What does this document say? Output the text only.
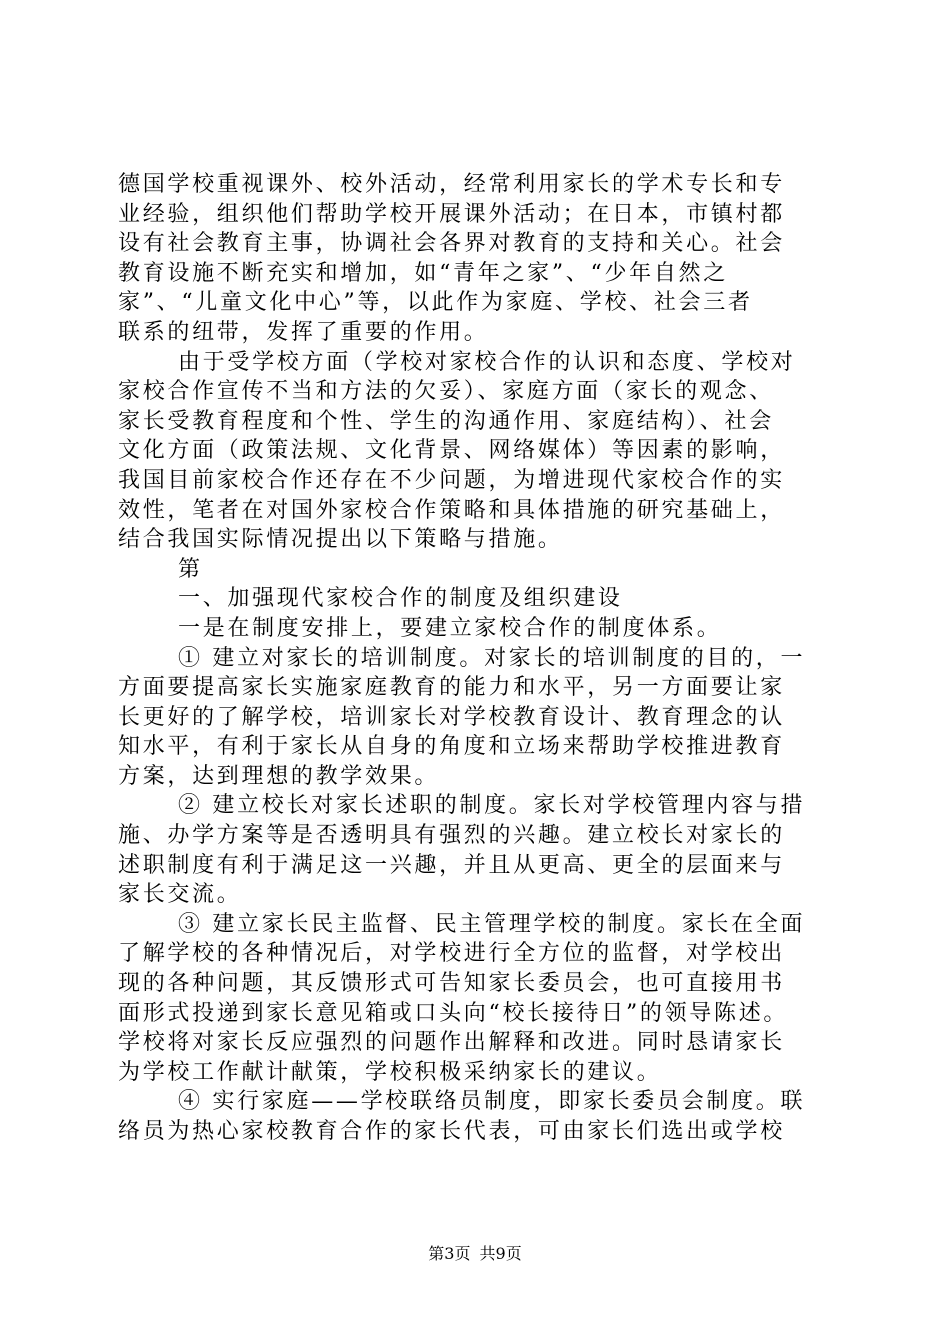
德国学校重视课外、校外活动，经常利用家长的学术专长和专
业经验，组织他们帮助学校开展课外活动；在日本，市镇村都
设有社会教育主事，协调社会各界对教育的支持和关心。社会
教育设施不断充实和增加，如“青年之家”、“少年自然之
家”、“儿童文化中心”等，以此作为家庭、学校、社会三者
联系的纽带，发挥了重要的作用。
由于受学校方面（学校对家校合作的认识和态度、学校对
家校合作宣传不当和方法的欠妥）、家庭方面（家长的观念、
家长受教育程度和个性、学生的沟通作用、家庭结构）、社会
文化方面（政策法规、文化背景、网络媒体）等因素的影响，
我国目前家校合作还存在不少问题，为增进现代家校合作的实
效性，笔者在对国外家校合作策略和具体措施的研究基础上，
结合我国实际情况提出以下策略与措施。
第
一、加强现代家校合作的制度及组织建设
一是在制度安排上，要建立家校合作的制度体系。
① 建立对家长的培训制度。对家长的培训制度的目的，一
方面要提高家长实施家庭教育的能力和水平，另一方面要让家
长更好的了解学校，培训家长对学校教育设计、教育理念的认
知水平，有利于家长从自身的角度和立场来帮助学校推进教育
方案，达到理想的教学效果。
② 建立校长对家长述职的制度。家长对学校管理内容与措
施、办学方案等是否透明具有强烈的兴趣。建立校长对家长的
述职制度有利于满足这一兴趣，并且从更高、更全的层面来与
家长交流。
③ 建立家长民主监督、民主管理学校的制度。家长在全面
了解学校的各种情况后，对学校进行全方位的监督，对学校出
现的各种问题，其反馈形式可告知家长委员会，也可直接用书
面形式投递到家长意见箱或口头向“校长接待日”的领导陈述。
学校将对家长反应强烈的问题作出解释和改进。同时恳请家长
为学校工作献计献策，学校积极采纳家长的建议。
④ 实行家庭——学校联络员制度，即家长委员会制度。联
络员为热心家校教育合作的家长代表，可由家长们选出或学校
第3页 共9页
